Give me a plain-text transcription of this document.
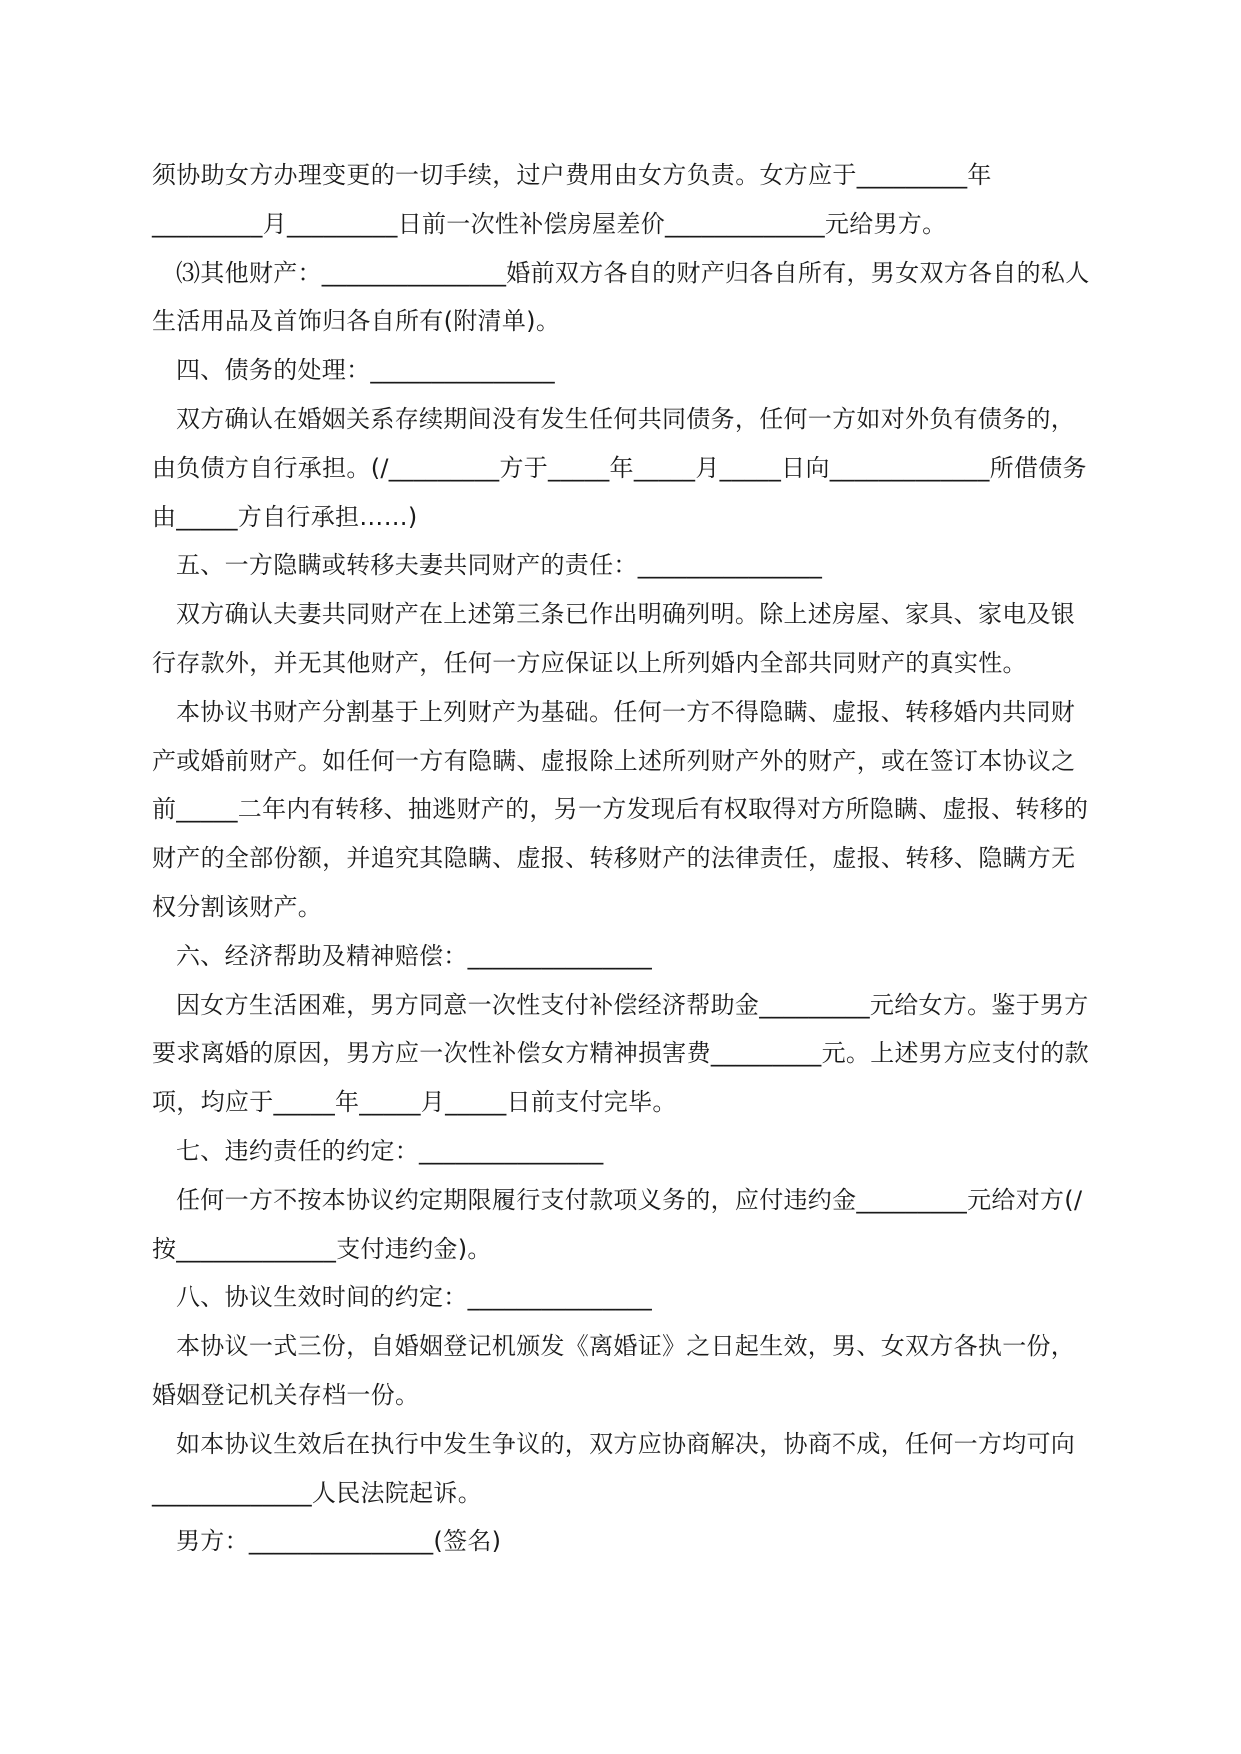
须协助女方办理变更的一切手续，过户费用由女方负责。女方应于_________年_________月_________日前一次性补偿房屋差价_____________元给男方。

⑶其他财产：_______________婚前双方各自的财产归各自所有，男女双方各自的私人生活用品及首饰归各自所有(附清单)。

四、债务的处理：_______________

双方确认在婚姻关系存续期间没有发生任何共同债务，任何一方如对外负有债务的，由负债方自行承担。(/_________方于_____年_____月_____日向_____________所借债务由_____方自行承担……)

五、一方隐瞒或转移夫妻共同财产的责任：_______________

双方确认夫妻共同财产在上述第三条已作出明确列明。除上述房屋、家具、家电及银行存款外，并无其他财产，任何一方应保证以上所列婚内全部共同财产的真实性。

本协议书财产分割基于上列财产为基础。任何一方不得隐瞒、虚报、转移婚内共同财产或婚前财产。如任何一方有隐瞒、虚报除上述所列财产外的财产，或在签订本协议之前_____二年内有转移、抽逃财产的，另一方发现后有权取得对方所隐瞒、虚报、转移的财产的全部份额，并追究其隐瞒、虚报、转移财产的法律责任，虚报、转移、隐瞒方无权分割该财产。

六、经济帮助及精神赔偿：_______________

因女方生活困难，男方同意一次性支付补偿经济帮助金_________元给女方。鉴于男方要求离婚的原因，男方应一次性补偿女方精神损害费_________元。上述男方应支付的款项，均应于_____年_____月_____日前支付完毕。

七、违约责任的约定：_______________

任何一方不按本协议约定期限履行支付款项义务的，应付违约金_________元给对方(/按_____________支付违约金)。

八、协议生效时间的约定：_______________

本协议一式三份，自婚姻登记机颁发《离婚证》之日起生效，男、女双方各执一份，婚姻登记机关存档一份。

如本协议生效后在执行中发生争议的，双方应协商解决，协商不成，任何一方均可向_____________人民法院起诉。

男方：_______________(签名)
